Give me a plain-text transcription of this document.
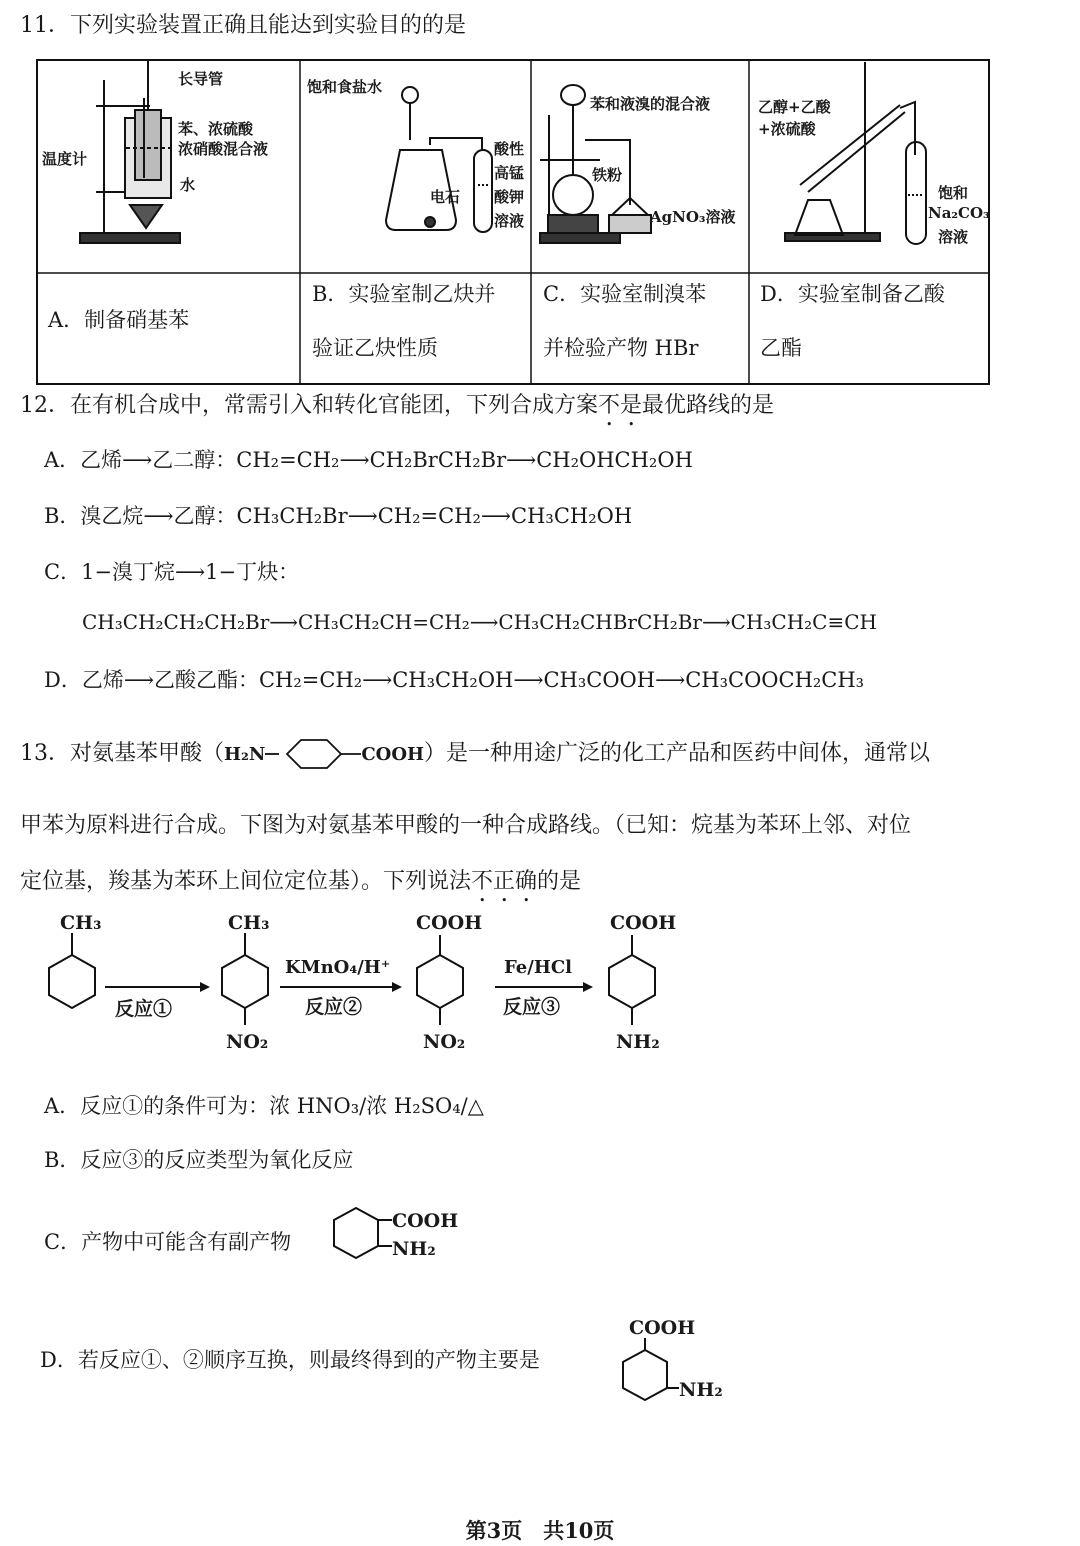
11．下列实验装置正确且能达到实验目的的是
长导管
苯、浓硫酸
浓硝酸混合液
温度计
水
饱和食盐水
电石
酸性
高锰
酸钾
溶液
苯和液溴的混合液
铁粉
AgNO₃溶液
乙醇+乙酸
+浓硫酸
饱和
Na₂CO₃
溶液
A．制备硝基苯
B．实验室制乙炔并
验证乙炔性质
C．实验室制溴苯
并检验产物 HBr
D．实验室制备乙酸
乙酯
12．在有机合成中，常需引入和转化官能团，下列合成方案不是最优路线的是
A．乙烯⟶乙二醇：CH₂=CH₂⟶CH₂BrCH₂Br⟶CH₂OHCH₂OH
B．溴乙烷⟶乙醇：CH₃CH₂Br⟶CH₂=CH₂⟶CH₃CH₂OH
C．1−溴丁烷⟶1−丁炔：
CH₃CH₂CH₂CH₂Br⟶CH₃CH₂CH=CH₂⟶CH₃CH₂CHBrCH₂Br⟶CH₃CH₂C≡CH
D．乙烯⟶乙酸乙酯：CH₂=CH₂⟶CH₃CH₂OH⟶CH₃COOH⟶CH₃COOCH₂CH₃
13．对氨基苯甲酸（H₂N	COOH）是一种用途广泛的化工产品和医药中间体，通常以
甲苯为原料进行合成。下图为对氨基苯甲酸的一种合成路线。（已知：烷基为苯环上邻、对位
定位基，羧基为苯环上间位定位基）。下列说法不正确的是
CH₃
反应①
CH₃
NO₂
KMnO₄/H⁺
反应②
COOH
NO₂
Fe/HCl
反应③
COOH
NH₂
A．反应①的条件可为：浓 HNO₃/浓 H₂SO₄/△
B．反应③的反应类型为氧化反应
C．产物中可能含有副产物
COOH
NH₂
D．若反应①、②顺序互换，则最终得到的产物主要是
COOH
NH₂
第3页　共10页
